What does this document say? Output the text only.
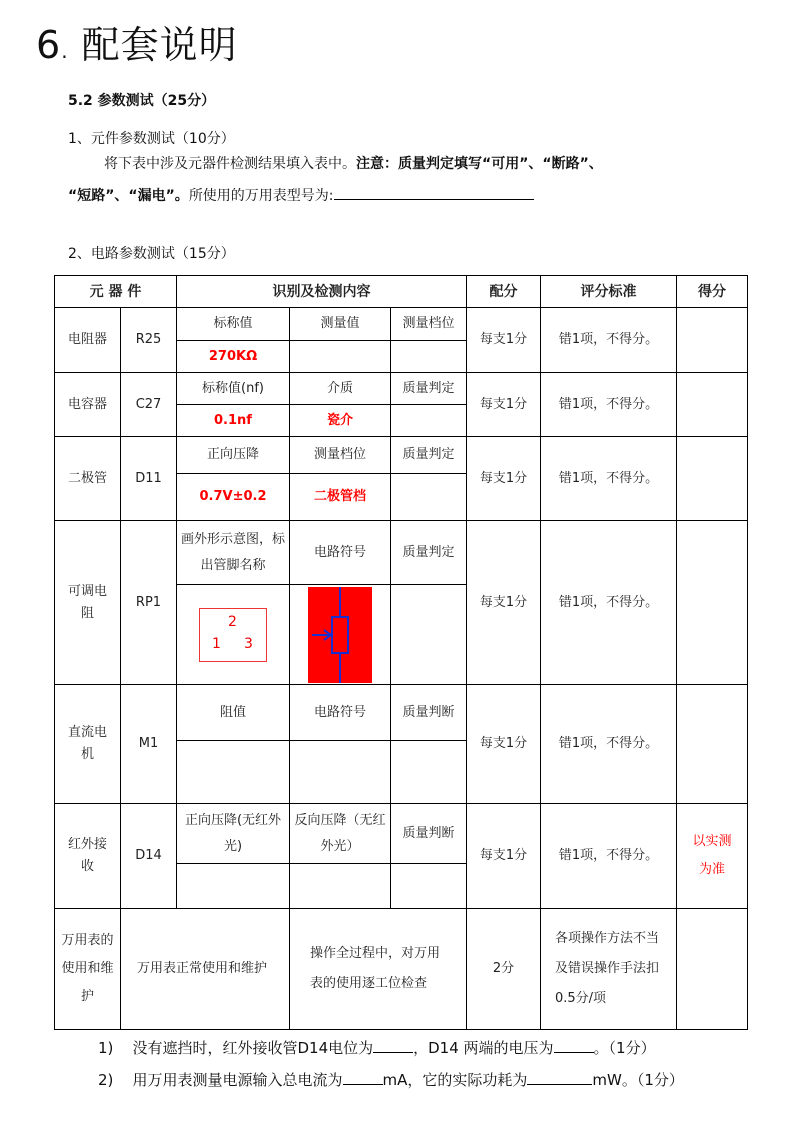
6. 配套说明
5.2 参数测试（25分）
1、元件参数测试（10分）
将下表中涉及元器件检测结果填入表中。注意：质量判定填写“可用”、“断路”、
“短路”、“漏电”。所使用的万用表型号为:
2、电路参数测试（15分）
元 器 件		识别及检测内容			配分	评分标准	得分
电阻器	R25	标称值	测量值	测量档位	每支1分	错1项，不得分。	
		270KΩ					
电容器	C27	标称值(nf)	介质	质量判定	每支1分	错1项，不得分。	
		0.1nf	瓷介				
二极管	D11	正向压降	测量档位	质量判定	每支1分	错1项，不得分。	
		0.7V±0.2	二极管档				
可调电阻	RP1	画外形示意图，标出管脚名称	电路符号	质量判定	每支1分	错1项，不得分。	

		2
1 3

直流电机	M1	阻值	电路符号	质量判断	每支1分	错1项，不得分。	

红外接收	D14	正向压降(无红外光)	反向压降（无红外光）	质量判断	每支1分	错1项，不得分。	以实测为准

万用表的使用和维护	万用表正常使用和维护		操作全过程中，对万用表的使用逐工位检查		2分	各项操作方法不当及错误操作手法扣0.5分/项	
1) 没有遮挡时，红外接收管D14电位为	，D14 两端的电压为	。（1分）
2) 用万用表测量电源输入总电流为	mA，它的实际功耗为	mW。（1分）
